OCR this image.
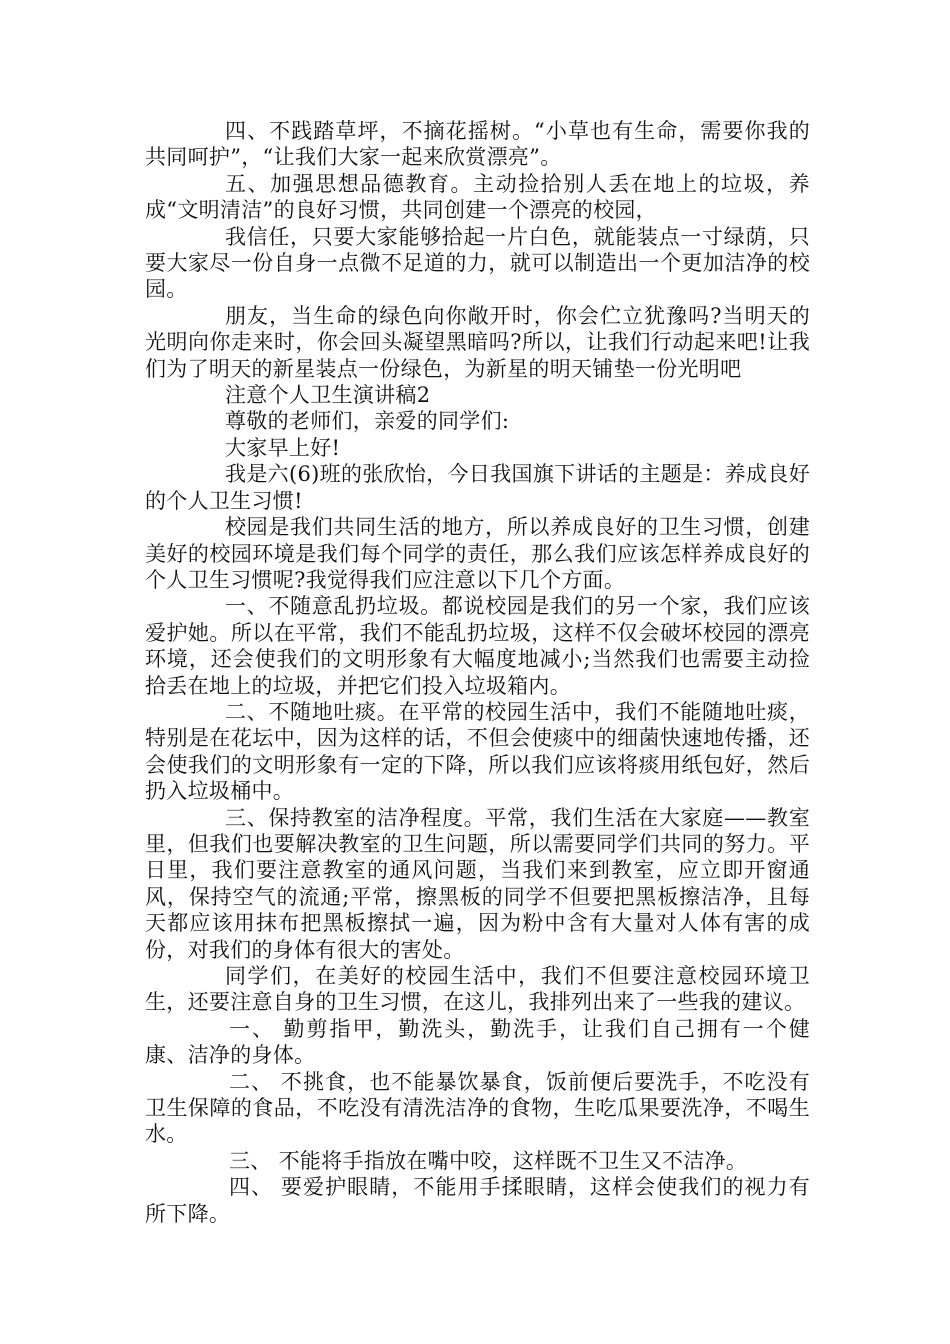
四、不践踏草坪，不摘花摇树。“小草也有生命，需要你我的共同呵护”，“让我们大家一起来欣赏漂亮”。

五、加强思想品德教育。主动捡拾别人丢在地上的垃圾，养成“文明清洁”的良好习惯，共同创建一个漂亮的校园，

我信任，只要大家能够拾起一片白色，就能装点一寸绿荫，只要大家尽一份自身一点微不足道的力，就可以制造出一个更加洁净的校园。

朋友，当生命的绿色向你敞开时，你会伫立犹豫吗?当明天的光明向你走来时，你会回头凝望黑暗吗?所以，让我们行动起来吧!让我们为了明天的新星装点一份绿色，为新星的明天铺垫一份光明吧

注意个人卫生演讲稿2

尊敬的老师们，亲爱的同学们:

大家早上好!

我是六(6)班的张欣怡，今日我国旗下讲话的主题是：养成良好的个人卫生习惯!

校园是我们共同生活的地方，所以养成良好的卫生习惯，创建美好的校园环境是我们每个同学的责任，那么我们应该怎样养成良好的个人卫生习惯呢?我觉得我们应注意以下几个方面。

一、不随意乱扔垃圾。都说校园是我们的另一个家，我们应该爱护她。所以在平常，我们不能乱扔垃圾，这样不仅会破坏校园的漂亮环境，还会使我们的文明形象有大幅度地减小;当然我们也需要主动捡拾丢在地上的垃圾，并把它们投入垃圾箱内。

二、不随地吐痰。在平常的校园生活中，我们不能随地吐痰，特别是在花坛中，因为这样的话，不但会使痰中的细菌快速地传播，还会使我们的文明形象有一定的下降，所以我们应该将痰用纸包好，然后扔入垃圾桶中。

三、保持教室的洁净程度。平常，我们生活在大家庭——教室里，但我们也要解决教室的卫生问题，所以需要同学们共同的努力。平日里，我们要注意教室的通风问题，当我们来到教室，应立即开窗通风，保持空气的流通;平常，擦黑板的同学不但要把黑板擦洁净，且每天都应该用抹布把黑板擦拭一遍，因为粉中含有大量对人体有害的成份，对我们的身体有很大的害处。

同学们，在美好的校园生活中，我们不但要注意校园环境卫生，还要注意自身的卫生习惯，在这儿，我排列出来了一些我的建议。

一、 勤剪指甲，勤洗头，勤洗手，让我们自己拥有一个健康、洁净的身体。

二、 不挑食，也不能暴饮暴食，饭前便后要洗手，不吃没有卫生保障的食品，不吃没有清洗洁净的食物，生吃瓜果要洗净，不喝生水。

三、 不能将手指放在嘴中咬，这样既不卫生又不洁净。

四、 要爱护眼睛，不能用手揉眼睛，这样会使我们的视力有所下降。
